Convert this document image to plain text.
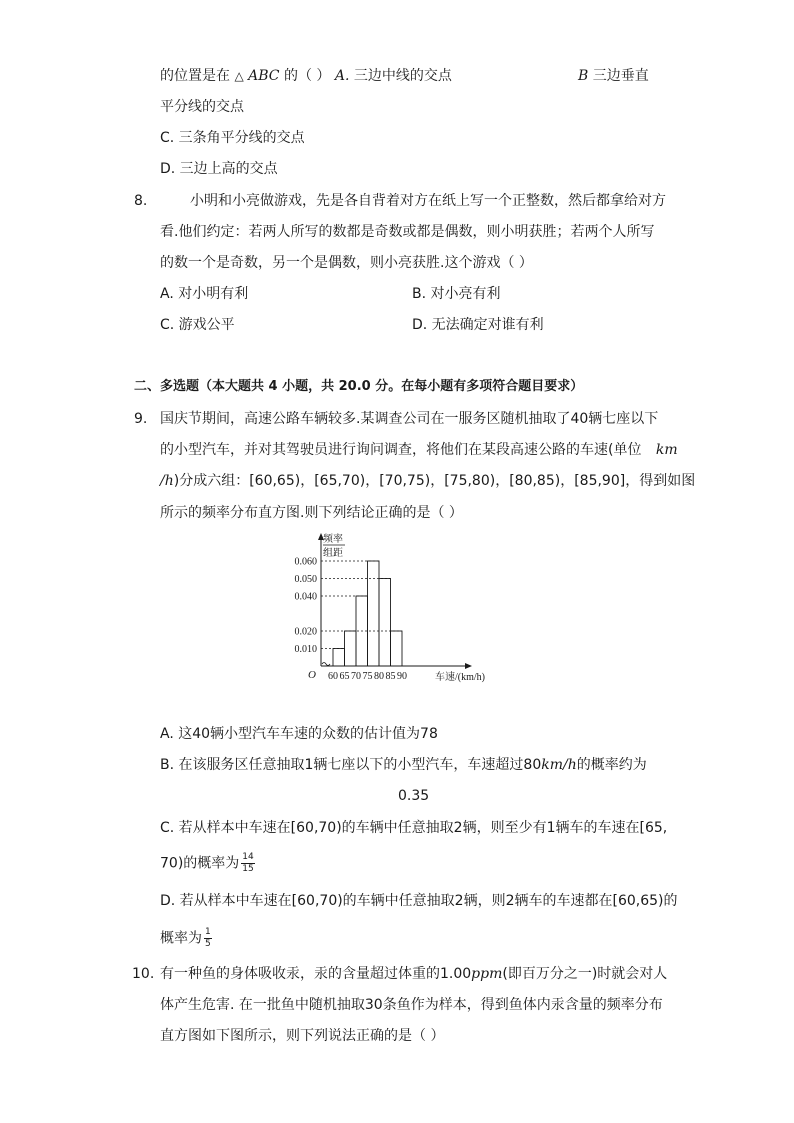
的位置是在 △ ABC 的（ ） A. 三边中线的交点	B 三边垂直
平分线的交点
C. 三条角平分线的交点
D. 三边上高的交点
8.	小明和小亮做游戏，先是各自背着对方在纸上写一个正整数，然后都拿给对方
看.他们约定：若两人所写的数都是奇数或都是偶数，则小明获胜；若两个人所写
的数一个是奇数，另一个是偶数，则小亮获胜.这个游戏（ ）
A. 对小明有利	B. 对小亮有利
C. 游戏公平	D. 无法确定对谁有利
二、多选题（本大题共 4 小题，共 20.0 分。在每小题有多项符合题目要求）
9. 国庆节期间，高速公路车辆较多.某调查公司在一服务区随机抽取了40辆七座以下
的小型汽车，并对其驾驶员进行询问调查，将他们在某段高速公路的车速(单位 km
/h)分成六组：[60,65)，[65,70)，[70,75)，[75,80)，[80,85)，[85,90]，得到如图
所示的频率分布直方图.则下列结论正确的是（ ）
O
频率
组距
车速/(km/h)
0.060
0.050
0.040
0.020
0.010
60 65 70 75 80 85 90
A. 这40辆小型汽车车速的众数的估计值为78
B. 在该服务区任意抽取1辆七座以下的小型汽车，车速超过80km/h的概率约为
0.35
C. 若从样本中车速在[60,70)的车辆中任意抽取2辆，则至少有1辆车的车速在[65,
70)的概率为 $\frac{14}{15}$
D. 若从样本中车速在[60,70)的车辆中任意抽取2辆，则2辆车的车速都在[60,65)的
概率为 $\frac{1}{5}$
10. 有一种鱼的身体吸收汞，汞的含量超过体重的1.00ppm(即百万分之一)时就会对人
体产生危害. 在一批鱼中随机抽取30条鱼作为样本，得到鱼体内汞含量的频率分布
直方图如下图所示，则下列说法正确的是（ ）
